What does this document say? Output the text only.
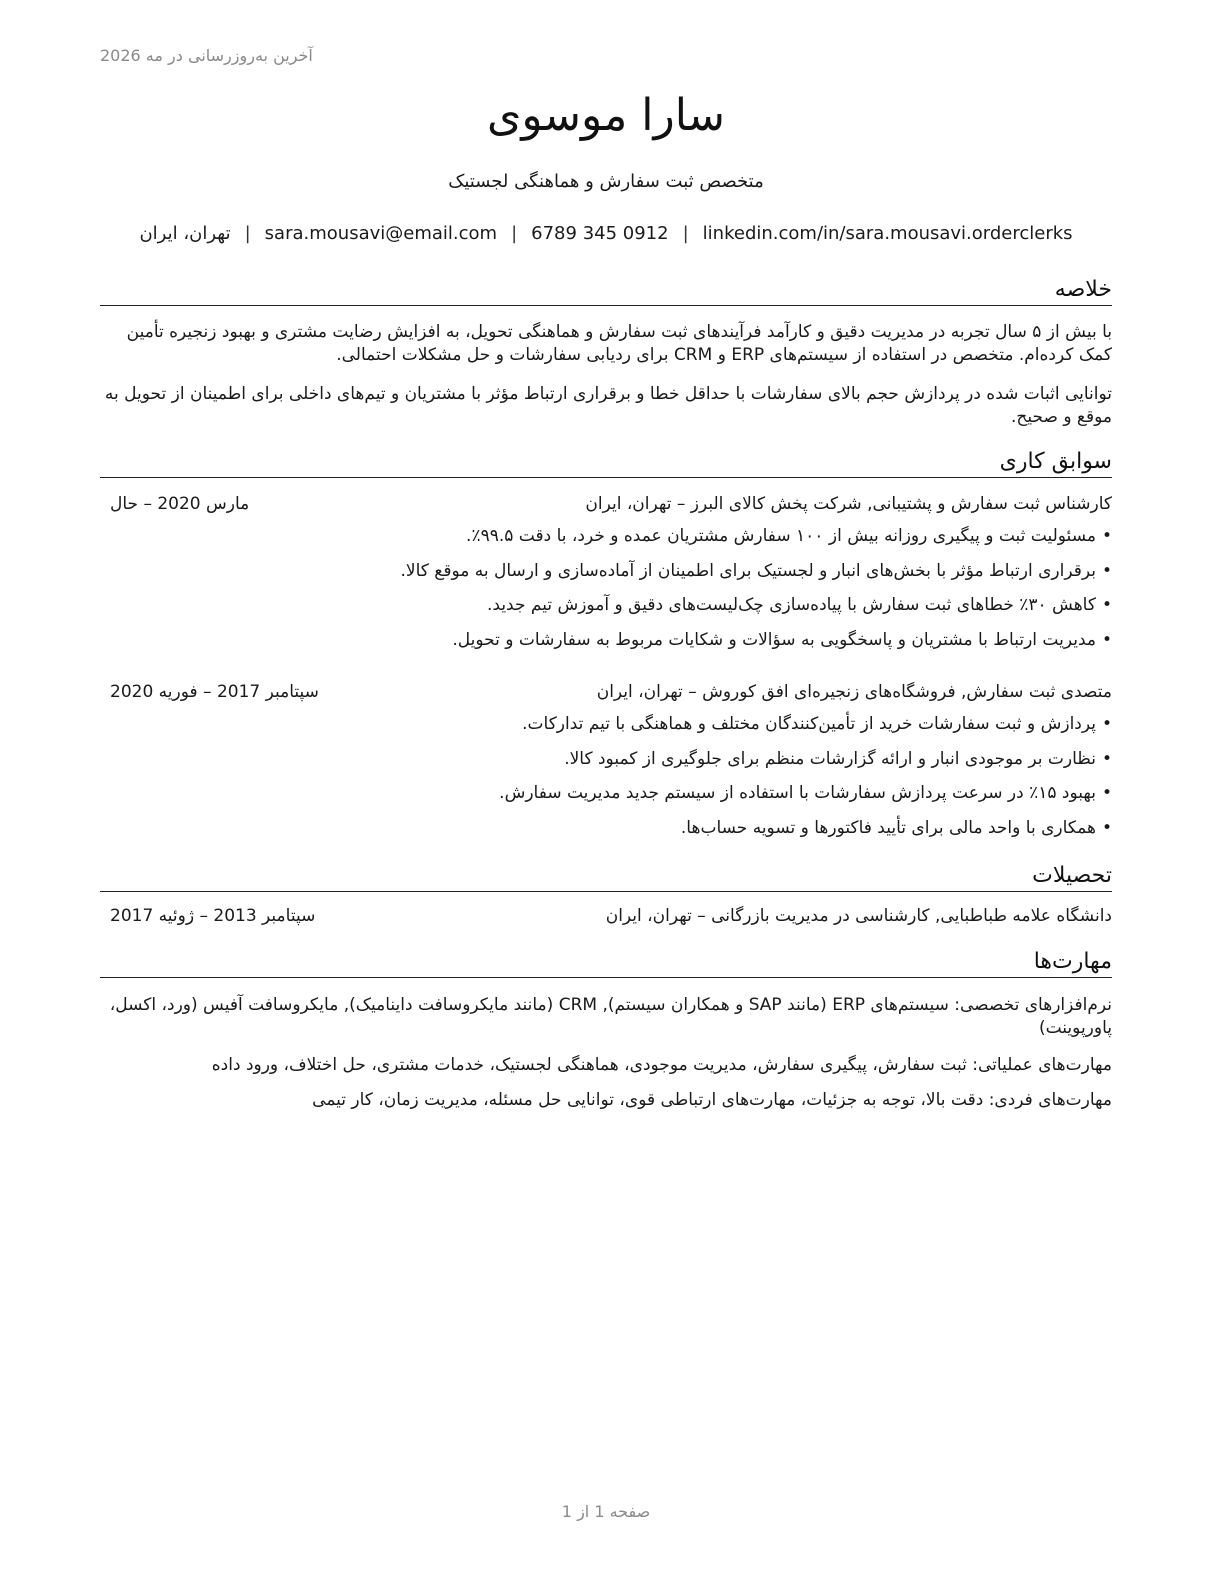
آخرین به‌روزرسانی در مه 2026
سارا موسوی
متخصص ثبت سفارش و هماهنگی لجستیک
تهران، ایران | sara.mousavi@email.com | 0912 345 6789 | linkedin.com/in/sara.mousavi.orderclerks
خلاصه
با بیش از ۵ سال تجربه در مدیریت دقیق و کارآمد فرآیندهای ثبت سفارش و هماهنگی تحویل، به افزایش رضایت مشتری و بهبود زنجیره تأمین کمک کرده‌ام. متخصص در استفاده از سیستم‌های ERP و CRM برای ردیابی سفارشات و حل مشکلات احتمالی.
توانایی اثبات شده در پردازش حجم بالای سفارشات با حداقل خطا و برقراری ارتباط مؤثر با مشتریان و تیم‌های داخلی برای اطمینان از تحویل به موقع و صحیح.
سوابق کاری
کارشناس ثبت سفارش و پشتیبانی, شرکت پخش کالای البرز – تهران، ایران
مارس 2020 – حال
• مسئولیت ثبت و پیگیری روزانه بیش از ۱۰۰ سفارش مشتریان عمده و خرد، با دقت ۹۹.۵٪.
• برقراری ارتباط مؤثر با بخش‌های انبار و لجستیک برای اطمینان از آماده‌سازی و ارسال به موقع کالا.
• کاهش ۳۰٪ خطاهای ثبت سفارش با پیاده‌سازی چک‌لیست‌های دقیق و آموزش تیم جدید.
• مدیریت ارتباط با مشتریان و پاسخگویی به سؤالات و شکایات مربوط به سفارشات و تحویل.
متصدی ثبت سفارش, فروشگاه‌های زنجیره‌ای افق کوروش – تهران، ایران
سپتامبر 2017 – فوریه 2020
• پردازش و ثبت سفارشات خرید از تأمین‌کنندگان مختلف و هماهنگی با تیم تدارکات.
• نظارت بر موجودی انبار و ارائه گزارشات منظم برای جلوگیری از کمبود کالا.
• بهبود ۱۵٪ در سرعت پردازش سفارشات با استفاده از سیستم جدید مدیریت سفارش.
• همکاری با واحد مالی برای تأیید فاکتورها و تسویه حساب‌ها.
تحصیلات
دانشگاه علامه طباطبایی, کارشناسی در مدیریت بازرگانی – تهران، ایران
سپتامبر 2013 – ژوئیه 2017
مهارت‌ها
نرم‌افزارهای تخصصی: سیستم‌های ERP (مانند SAP و همکاران سیستم), CRM (مانند مایکروسافت داینامیک), مایکروسافت آفیس (ورد، اکسل، پاورپوینت)
مهارت‌های عملیاتی: ثبت سفارش، پیگیری سفارش، مدیریت موجودی، هماهنگی لجستیک، خدمات مشتری، حل اختلاف، ورود داده
مهارت‌های فردی: دقت بالا، توجه به جزئیات، مهارت‌های ارتباطی قوی، توانایی حل مسئله، مدیریت زمان، کار تیمی
صفحه 1 از 1
